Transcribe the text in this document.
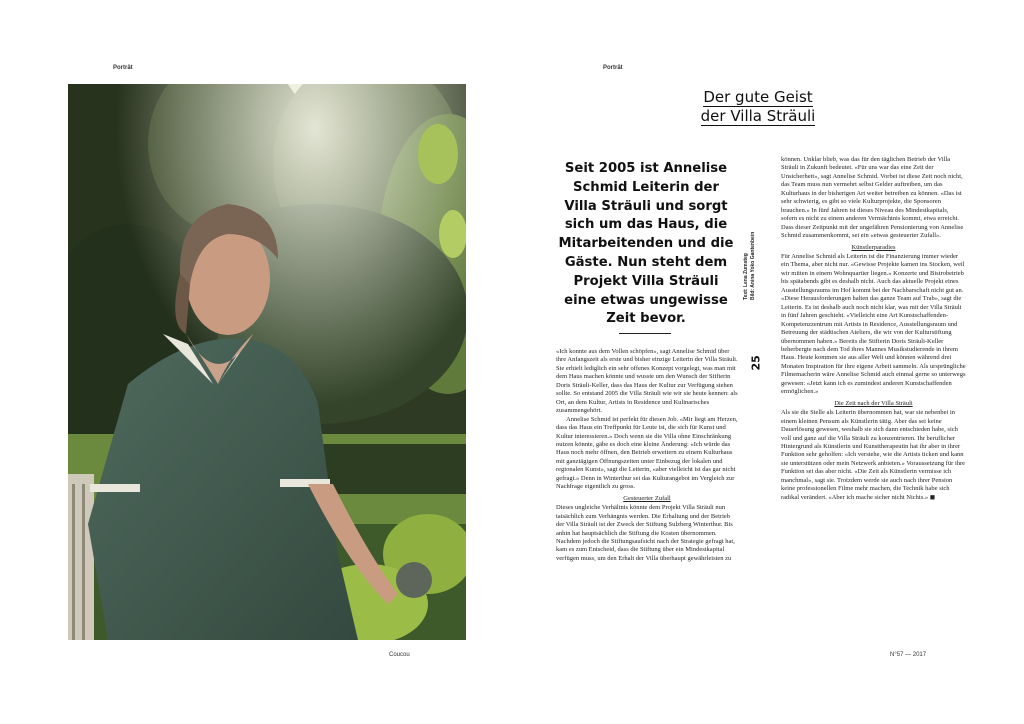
Porträt
Coucou
Porträt
Der gute Geist
der Villa Sträuli
Seit 2005 ist Annelise Schmid Leiterin der Villa Sträuli und sorgt sich um das Haus, die Mitarbeitenden und die Gäste. Nun steht dem Projekt Villa Sträuli eine etwas ungewisse Zeit bevor.
Text: Lena Zumsteg Bild: Anina Yoko Gantenbein
25

«Ich konnte aus dem Vollen schöpfen», sagt Annelise Schmid über ihre Anfangszeit als erste und bisher einzige Leiterin der Villa Sträuli. Sie erhielt lediglich ein sehr offenes Konzept vorgelegt, was man mit dem Haus machen könnte und wusste um den Wunsch der Stifterin Doris Sträuli-Keller, dass das Haus der Kultur zur Verfügung stehen sollte. So entstand 2005 die Villa Sträuli wie wir sie heute kennen: als Ort, an dem Kultur, Artists in Residence und Kulinarisches zusammengehört.

Annelise Schmid ist perfekt für diesen Job. «Mir liegt am Herzen, dass das Haus ein Treffpunkt für Leute ist, die sich für Kunst und Kultur interessieren.» Doch wenn sie die Villa ohne Einschränkung nutzen könnte, gäbe es doch eine kleine Änderung: «Ich würde das Haus noch mehr öffnen, den Betrieb erweitern zu einem Kulturhaus mit ganztägigen Öffnungszeiten unter Einbezug der lokalen und regionalen Kunst», sagt die Leiterin, «aber vielleicht ist das gar nicht gefragt.» Denn in Winterthur sei das Kulturangebot im Vergleich zur Nachfrage eigentlich zu gross.

Gesteuerter Zufall

Dieses ungleiche Verhältnis könnte dem Projekt Villa Sträuli nun tatsächlich zum Verhängnis werden. Die Erhaltung und der Betrieb der Villa Sträuli ist der Zweck der Stiftung Sulzberg Winterthur. Bis anhin hat hauptsächlich die Stiftung die Kosten übernommen. Nachdem jedoch die Stiftungsaufsicht nach der Strategie gefragt hat, kam es zum Entscheid, dass die Stiftung über ein Mindestkapital verfügen muss, um den Erhalt der Villa überhaupt gewährleisten zu

können. Unklar blieb, was das für den täglichen Betrieb der Villa Sträuli in Zukunft bedeutet. «Für uns war das eine Zeit der Unsicherheit», sagt Annelise Schmid. Vorbei ist diese Zeit noch nicht, das Team muss nun vermehrt selbst Gelder auftreiben, um das Kulturhaus in der bisherigen Art weiter betreiben zu können. «Das ist sehr schwierig, es gibt so viele Kulturprojekte, die Sponsoren brauchen.» In fünf Jahren ist dieses Niveau des Mindestkapitals, sofern es nicht zu einem anderen Vermächtnis kommt, etwa erreicht. Dass dieser Zeitpunkt mit der ungefähren Pensionierung von Annelise Schmid zusammenkommt, sei ein «etwas gesteuerter Zufall».

Künstlerparadies

Für Annelise Schmid als Leiterin ist die Finanzierung immer wieder ein Thema, aber nicht nur. «Gewisse Projekte kamen ins Stocken, weil wir mitten in einem Wohnquartier liegen.» Konzerte und Bistrobetrieb bis spätabends gibt es deshalb nicht. Auch das aktuelle Projekt eines Ausstellungsraums im Hof kommt bei der Nachbarschaft nicht gut an. «Diese Herausforderungen halten das ganze Team auf Trab», sagt die Leiterin. Es ist deshalb auch noch nicht klar, was mit der Villa Sträuli in fünf Jahren geschieht. «Vielleicht eine Art Kunstschaffenden-Kompetenzzentrum mit Artists in Residence, Ausstellungsraum und Betreuung der städtischen Ateliers, die wir von der Kulturstiftung übernommen haben.» Bereits die Stifterin Doris Sträuli-Keller beherbergte nach dem Tod ihres Mannes Musikstudierende in ihrem Haus. Heute kommen sie aus aller Welt und können während drei Monaten Inspiration für ihre eigene Arbeit sammeln. Als ursprüngliche Filmemacherin wäre Annelise Schmid auch einmal gerne so unterwegs gewesen: «Jetzt kann ich es zumindest anderen Kunstschaffenden ermöglichen.»

Die Zeit nach der Villa Sträuli

Als sie die Stelle als Leiterin übernommen hat, war sie nebenbei in einem kleinen Pensum als Künstlerin tätig. Aber das sei keine Dauerlösung gewesen, weshalb sie sich dann entschieden habe, sich voll und ganz auf die Villa Sträuli zu konzentrieren. Ihr beruflicher Hintergrund als Künstlerin und Kunsttherapeutin hat ihr aber in ihrer Funktion sehr geholfen: «Ich verstehe, wie die Artists ticken und kann sie unterstützen oder mein Netzwerk anbieten.» Voraussetzung für ihre Funktion sei das aber nicht. «Die Zeit als Künstlerin vermisse ich manchmal», sagt sie. Trotzdem werde sie auch nach ihrer Pension keine professionellen Filme mehr machen, die Technik habe sich radikal verändert. «Aber ich mache sicher nicht Nichts.» ◼

N°57 — 2017
